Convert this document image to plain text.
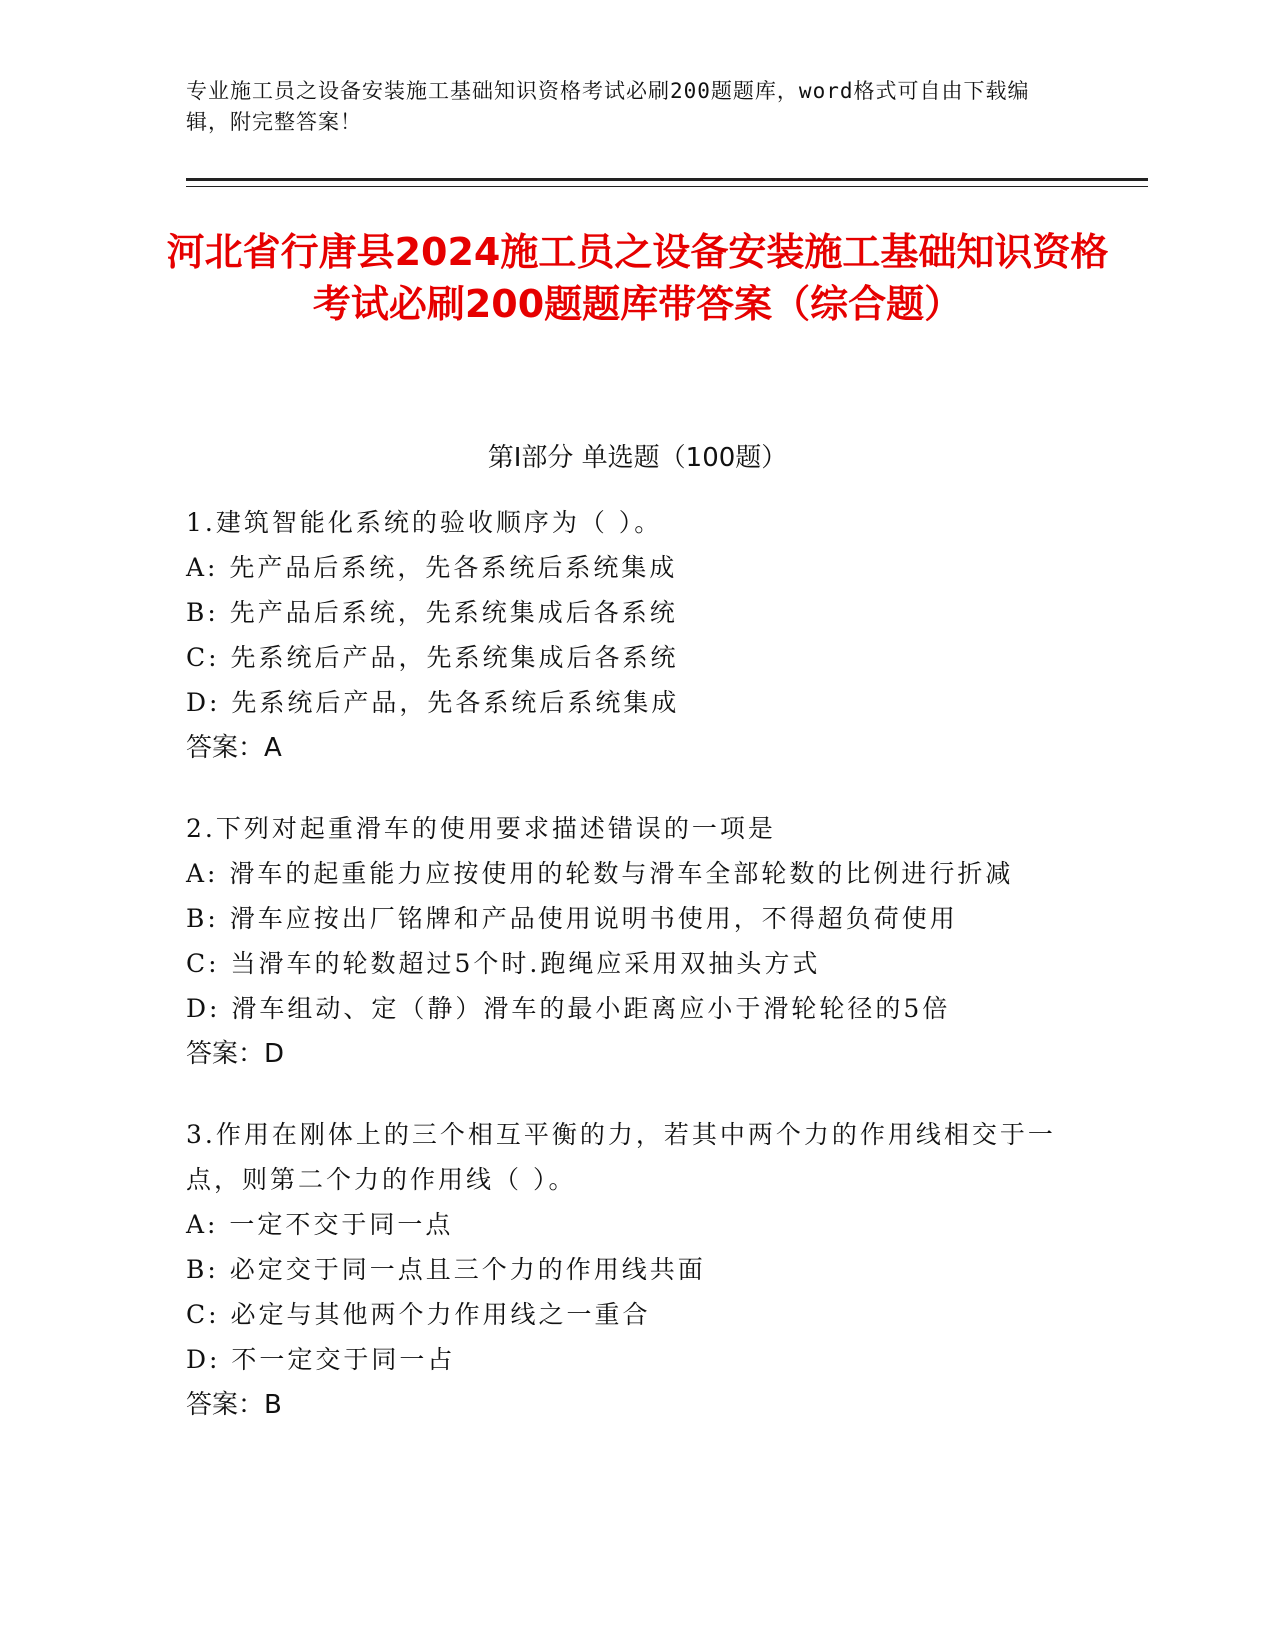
专业施工员之设备安装施工基础知识资格考试必刷200题题库，word格式可自由下载编辑，附完整答案！
河北省行唐县2024施工员之设备安装施工基础知识资格考试必刷200题题库带答案（综合题）
第I部分 单选题（100题）
1.建筑智能化系统的验收顺序为（ ）。
A: 先产品后系统，先各系统后系统集成
B: 先产品后系统，先系统集成后各系统
C: 先系统后产品，先系统集成后各系统
D: 先系统后产品，先各系统后系统集成
答案：A
2.下列对起重滑车的使用要求描述错误的一项是
A: 滑车的起重能力应按使用的轮数与滑车全部轮数的比例进行折减
B: 滑车应按出厂铭牌和产品使用说明书使用，不得超负荷使用
C: 当滑车的轮数超过5个时.跑绳应采用双抽头方式
D: 滑车组动、定（静）滑车的最小距离应小于滑轮轮径的5倍
答案：D
3.作用在刚体上的三个相互平衡的力，若其中两个力的作用线相交于一点，则第二个力的作用线（ ）。
A: 一定不交于同一点
B: 必定交于同一点且三个力的作用线共面
C: 必定与其他两个力作用线之一重合
D: 不一定交于同一占
答案：B
